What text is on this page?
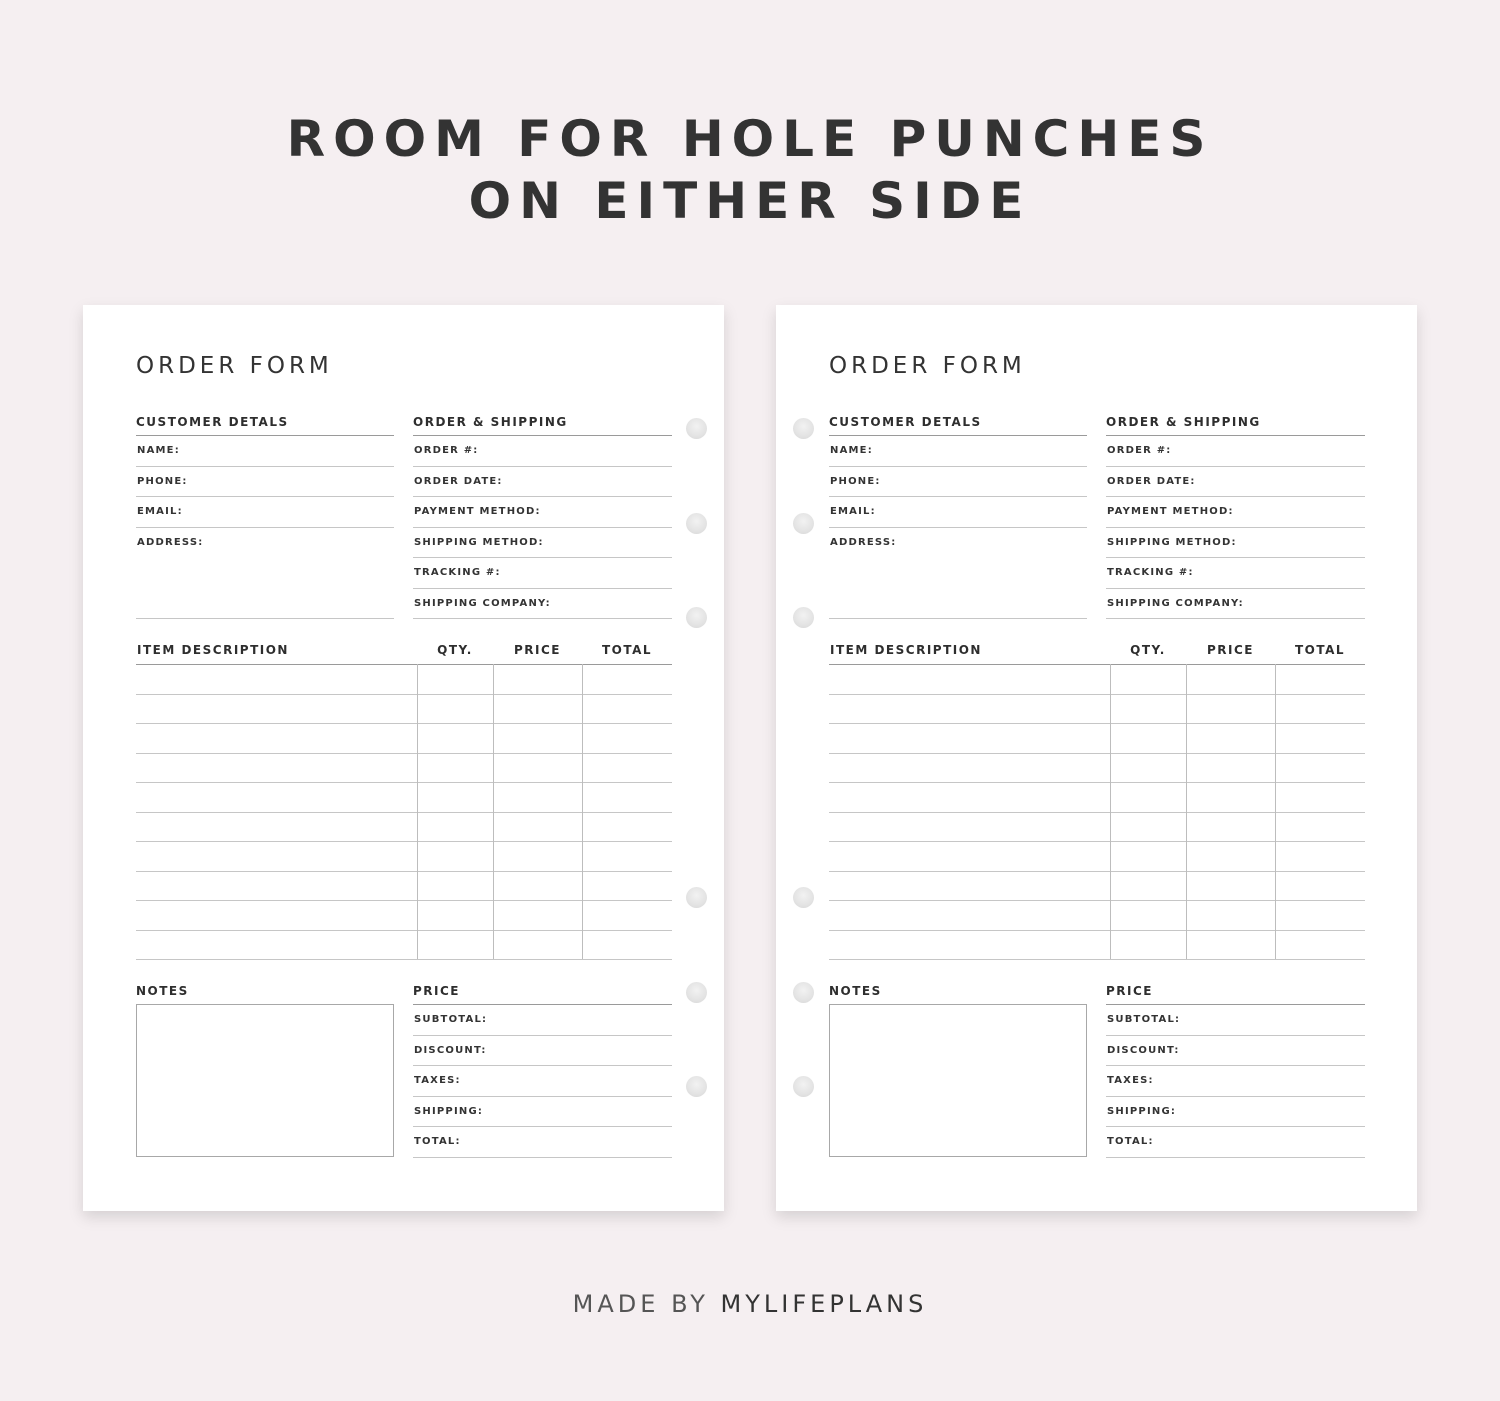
ROOM FOR HOLE PUNCHES
ON EITHER SIDE
ORDER FORM
CUSTOMER DETALS
NAME:
PHONE:
EMAIL:
ADDRESS:
ORDER & SHIPPING
ORDER #:
ORDER DATE:
PAYMENT METHOD:
SHIPPING METHOD:
TRACKING #:
SHIPPING COMPANY:
ITEM DESCRIPTION	QTY.	PRICE	TOTAL
NOTES	PRICE
SUBTOTAL:
DISCOUNT:
TAXES:
SHIPPING:
TOTAL:
ORDER FORM
CUSTOMER DETALS
NAME:
PHONE:
EMAIL:
ADDRESS:
ORDER & SHIPPING
ORDER #:
ORDER DATE:
PAYMENT METHOD:
SHIPPING METHOD:
TRACKING #:
SHIPPING COMPANY:
ITEM DESCRIPTION	QTY.	PRICE	TOTAL
NOTES	PRICE
SUBTOTAL:
DISCOUNT:
TAXES:
SHIPPING:
TOTAL:
MADE BY MYLIFEPLANS
